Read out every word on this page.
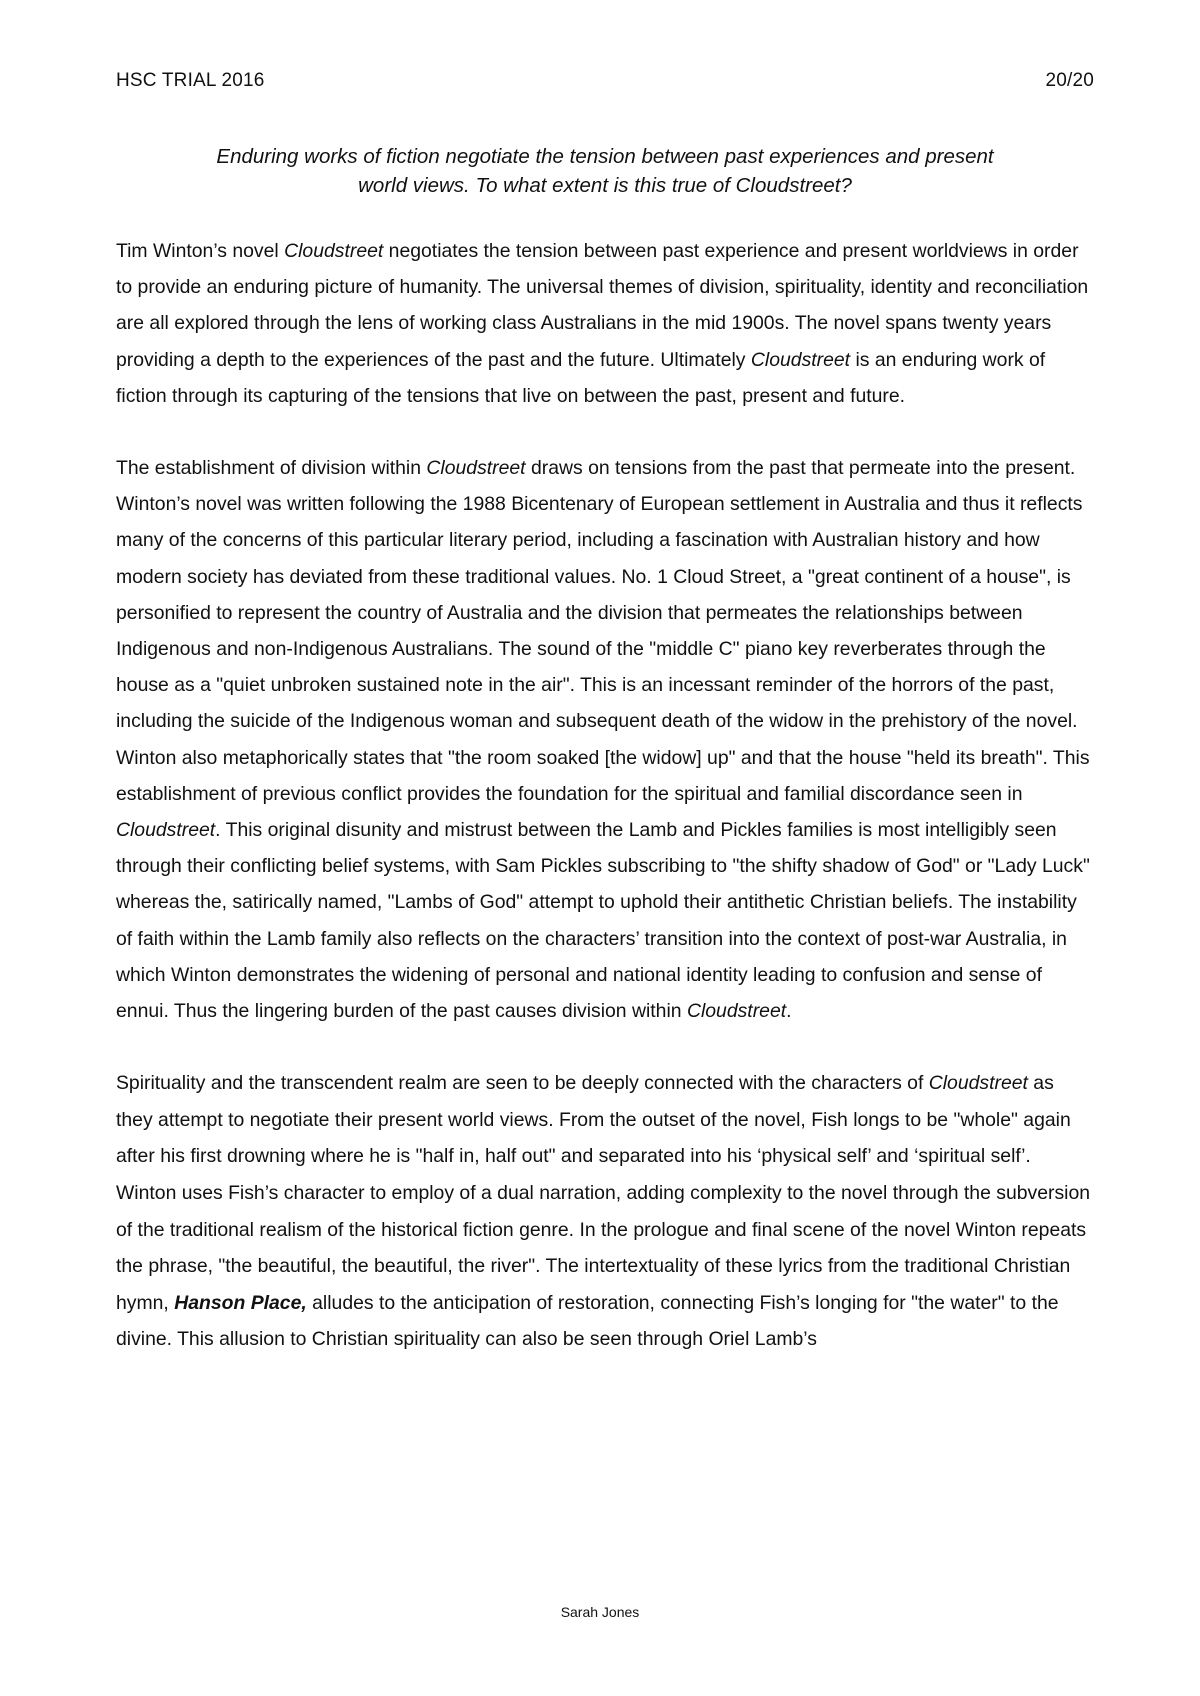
HSC TRIAL 2016	20/20
Enduring works of fiction negotiate the tension between past experiences and present
world views. To what extent is this true of Cloudstreet?

Tim Winton’s novel Cloudstreet negotiates the tension between past experience and present worldviews in order to provide an enduring picture of humanity. The universal themes of division, spirituality, identity and reconciliation are all explored through the lens of working class Australians in the mid 1900s. The novel spans twenty years providing a depth to the experiences of the past and the future. Ultimately Cloudstreet is an enduring work of fiction through its capturing of the tensions that live on between the past, present and future.

The establishment of division within Cloudstreet draws on tensions from the past that permeate into the present. Winton’s novel was written following the 1988 Bicentenary of European settlement in Australia and thus it reflects many of the concerns of this particular literary period, including a fascination with Australian history and how modern society has deviated from these traditional values. No. 1 Cloud Street, a "great continent of a house", is personified to represent the country of Australia and the division that permeates the relationships between Indigenous and non-Indigenous Australians. The sound of the "middle C" piano key reverberates through the house as a "quiet unbroken sustained note in the air". This is an incessant reminder of the horrors of the past, including the suicide of the Indigenous woman and subsequent death of the widow in the prehistory of the novel. Winton also metaphorically states that "the room soaked [the widow] up" and that the house "held its breath". This establishment of previous conflict provides the foundation for the spiritual and familial discordance seen in Cloudstreet. This original disunity and mistrust between the Lamb and Pickles families is most intelligibly seen through their conflicting belief systems, with Sam Pickles subscribing to "the shifty shadow of God" or "Lady Luck" whereas the, satirically named, "Lambs of God" attempt to uphold their antithetic Christian beliefs. The instability of faith within the Lamb family also reflects on the characters’ transition into the context of post-war Australia, in which Winton demonstrates the widening of personal and national identity leading to confusion and sense of ennui. Thus the lingering burden of the past causes division within Cloudstreet.

Spirituality and the transcendent realm are seen to be deeply connected with the characters of Cloudstreet as they attempt to negotiate their present world views. From the outset of the novel, Fish longs to be "whole" again after his first drowning where he is "half in, half out" and separated into his ‘physical self’ and ‘spiritual self’. Winton uses Fish’s character to employ of a dual narration, adding complexity to the novel through the subversion of the traditional realism of the historical fiction genre. In the prologue and final scene of the novel Winton repeats the phrase, "the beautiful, the beautiful, the river". The intertextuality of these lyrics from the traditional Christian hymn, Hanson Place, alludes to the anticipation of restoration, connecting Fish’s longing for "the water" to the divine. This allusion to Christian spirituality can also be seen through Oriel Lamb’s

Sarah Jones
